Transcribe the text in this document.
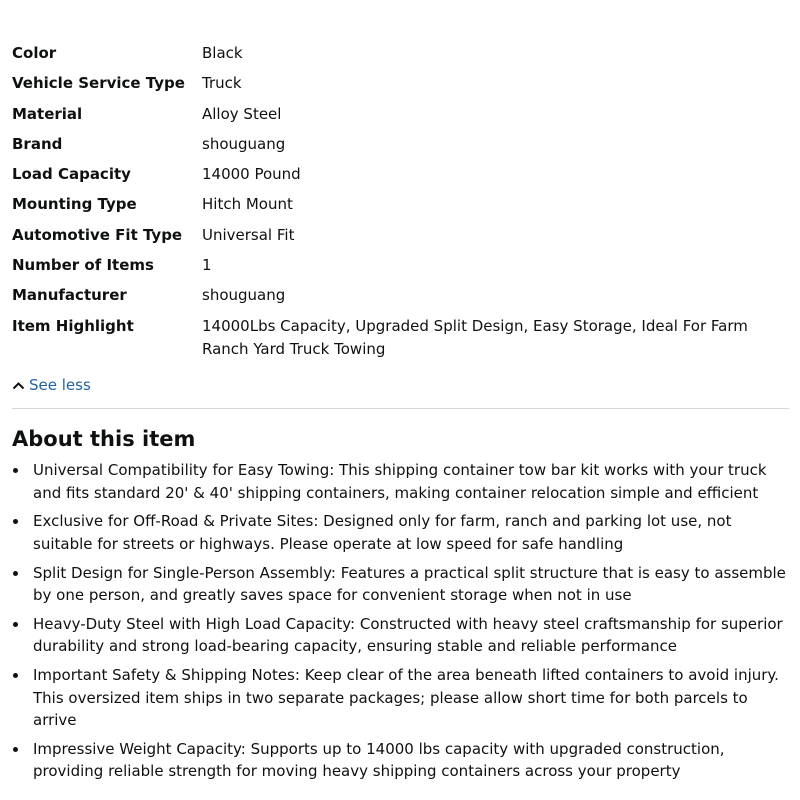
Color	Black
Vehicle Service Type	Truck
Material	Alloy Steel
Brand	shouguang
Load Capacity	14000 Pound
Mounting Type	Hitch Mount
Automotive Fit Type	Universal Fit
Number of Items	1
Manufacturer	shouguang
Item Highlight	14000Lbs Capacity, Upgraded Split Design, Easy Storage, Ideal For Farm Ranch Yard Truck Towing
See less
About this item
Universal Compatibility for Easy Towing: This shipping container tow bar kit works with your truck and fits standard 20' & 40' shipping containers, making container relocation simple and efficient
Exclusive for Off-Road & Private Sites: Designed only for farm, ranch and parking lot use, not suitable for streets or highways. Please operate at low speed for safe handling
Split Design for Single-Person Assembly: Features a practical split structure that is easy to assemble by one person, and greatly saves space for convenient storage when not in use
Heavy-Duty Steel with High Load Capacity: Constructed with heavy steel craftsmanship for superior durability and strong load-bearing capacity, ensuring stable and reliable performance
Important Safety & Shipping Notes: Keep clear of the area beneath lifted containers to avoid injury. This oversized item ships in two separate packages; please allow short time for both parcels to arrive
Impressive Weight Capacity: Supports up to 14000 lbs capacity with upgraded construction, providing reliable strength for moving heavy shipping containers across your property
